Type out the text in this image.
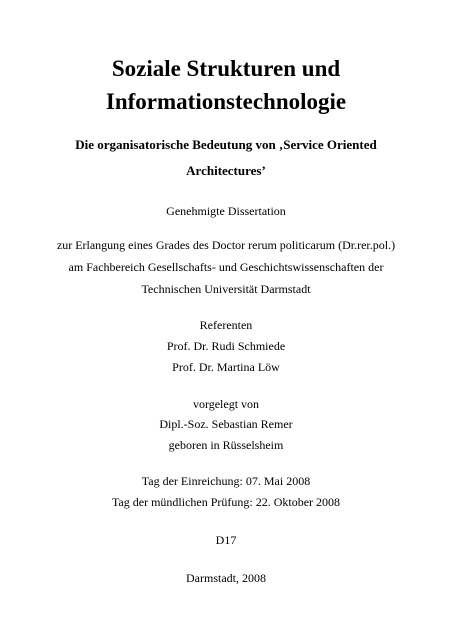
Soziale Strukturen und
Informationstechnologie
Die organisatorische Bedeutung von ‚Service Oriented
Architectures’
Genehmigte Dissertation
zur Erlangung eines Grades des Doctor rerum politicarum (Dr.rer.pol.)
am Fachbereich Gesellschafts- und Geschichtswissenschaften der
Technischen Universität Darmstadt
Referenten
Prof. Dr. Rudi Schmiede
Prof. Dr. Martina Löw
vorgelegt von
Dipl.-Soz. Sebastian Remer
geboren in Rüsselsheim
Tag der Einreichung: 07. Mai 2008
Tag der mündlichen Prüfung: 22. Oktober 2008
D17
Darmstadt, 2008
